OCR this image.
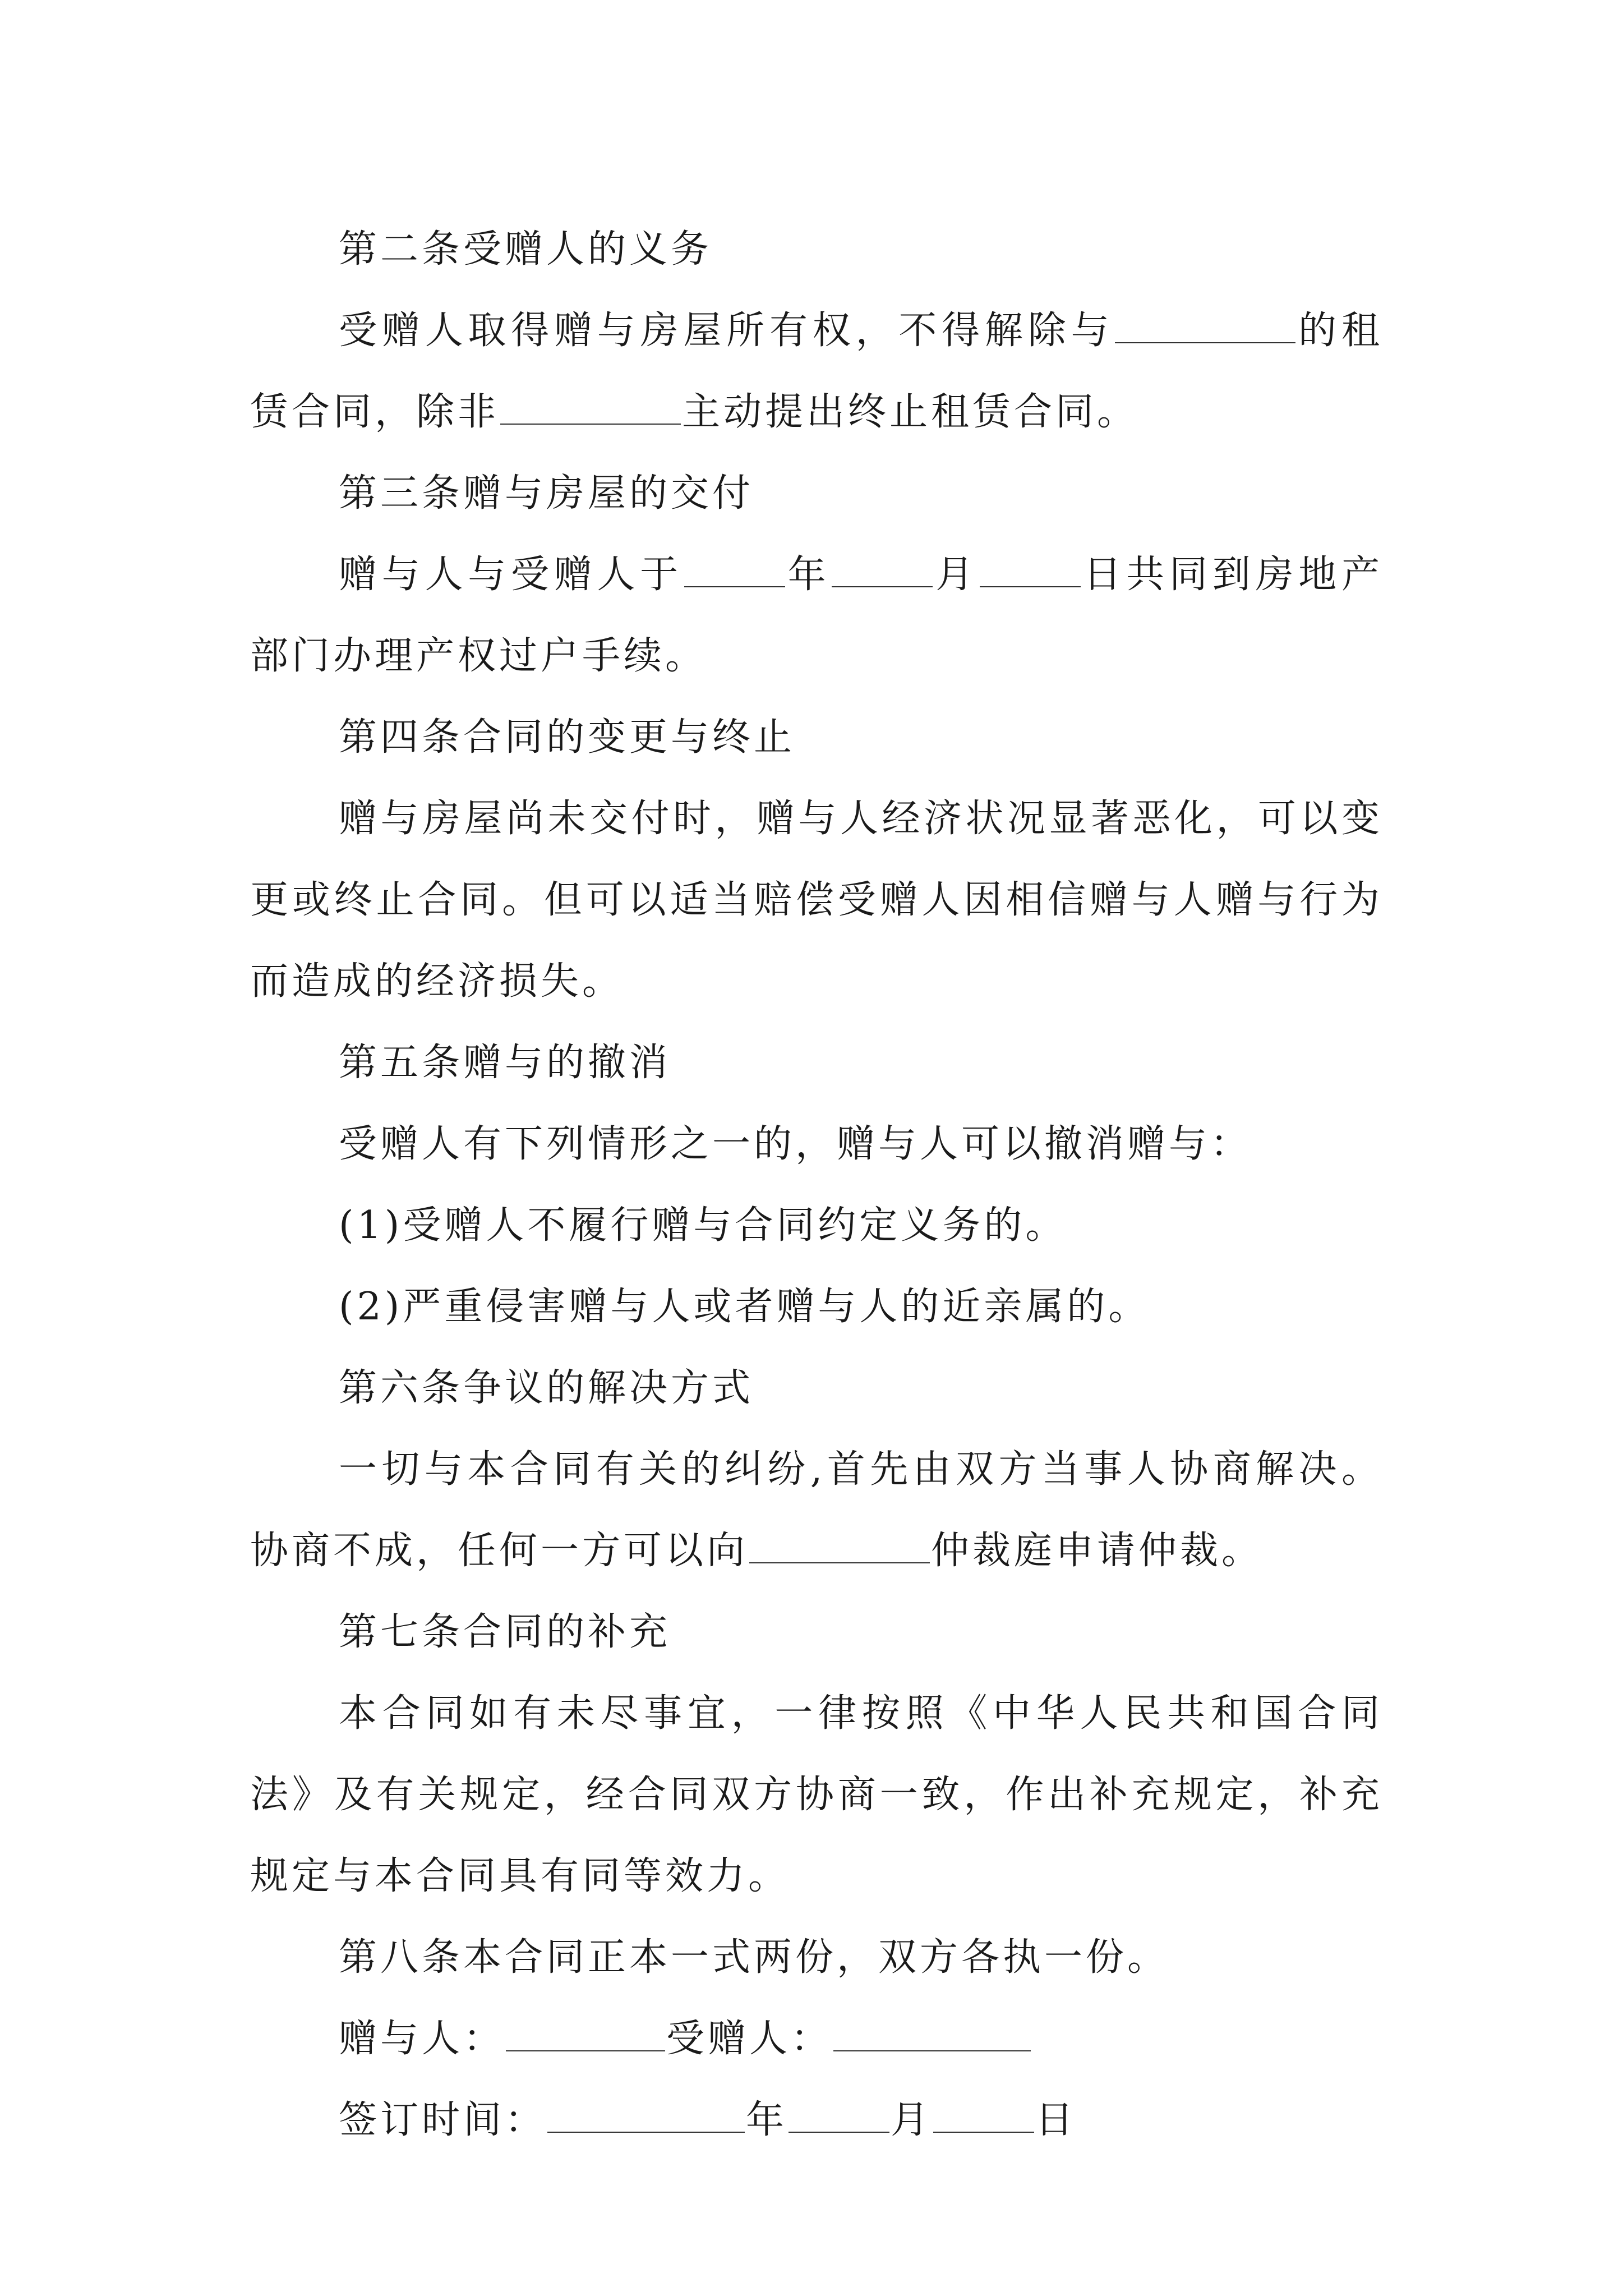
第二条受赠人的义务

受赠人取得赠与房屋所有权，不得解除与	的租赁合同，除非	主动提出终止租赁合同。

第三条赠与房屋的交付

赠与人与受赠人于	年	月	日共同到房地产部门办理产权过户手续。

第四条合同的变更与终止

赠与房屋尚未交付时，赠与人经济状况显著恶化，可以变更或终止合同。但可以适当赔偿受赠人因相信赠与人赠与行为而造成的经济损失。

第五条赠与的撤消

受赠人有下列情形之一的，赠与人可以撤消赠与：

(1)受赠人不履行赠与合同约定义务的。

(2)严重侵害赠与人或者赠与人的近亲属的。

第六条争议的解决方式

一切与本合同有关的纠纷,首先由双方当事人协商解决。协商不成，任何一方可以向	仲裁庭申请仲裁。

第七条合同的补充

本合同如有未尽事宜，一律按照《中华人民共和国合同法》及有关规定，经合同双方协商一致，作出补充规定，补充规定与本合同具有同等效力。

第八条本合同正本一式两份，双方各执一份。

赠与人：	受赠人：

签订时间：	年	月	日
